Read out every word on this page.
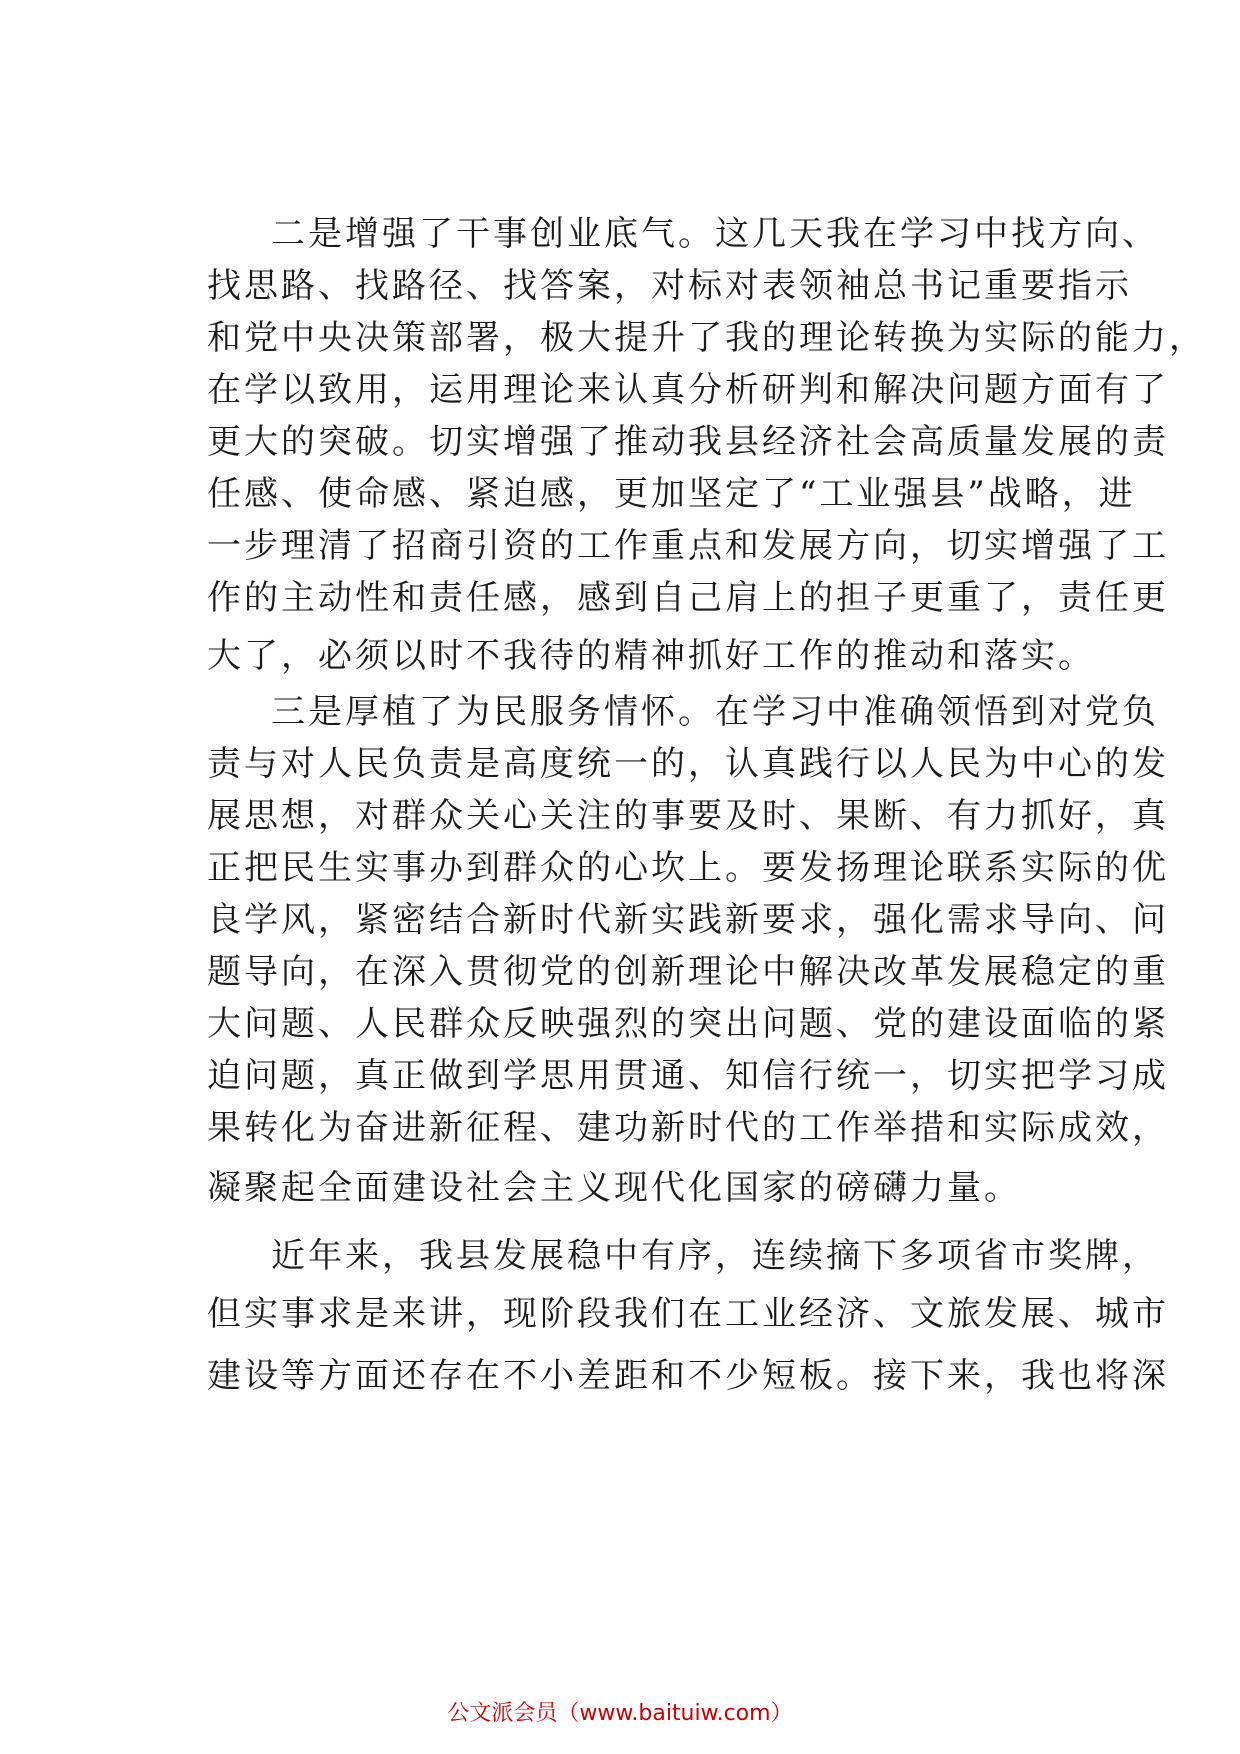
二是增强了干事创业底气。这几天我在学习中找方向、
找思路、找路径、找答案，对标对表领袖总书记重要指示
和党中央决策部署，极大提升了我的理论转换为实际的能力，
在学以致用，运用理论来认真分析研判和解决问题方面有了
更大的突破。切实增强了推动我县经济社会高质量发展的责
任感、使命感、紧迫感，更加坚定了“工业强县”战略，进
一步理清了招商引资的工作重点和发展方向，切实增强了工
作的主动性和责任感，感到自己肩上的担子更重了，责任更
大了，必须以时不我待的精神抓好工作的推动和落实。
三是厚植了为民服务情怀。在学习中准确领悟到对党负
责与对人民负责是高度统一的，认真践行以人民为中心的发
展思想，对群众关心关注的事要及时、果断、有力抓好，真
正把民生实事办到群众的心坎上。要发扬理论联系实际的优
良学风，紧密结合新时代新实践新要求，强化需求导向、问
题导向，在深入贯彻党的创新理论中解决改革发展稳定的重
大问题、人民群众反映强烈的突出问题、党的建设面临的紧
迫问题，真正做到学思用贯通、知信行统一，切实把学习成
果转化为奋进新征程、建功新时代的工作举措和实际成效，
凝聚起全面建设社会主义现代化国家的磅礴力量。
近年来，我县发展稳中有序，连续摘下多项省市奖牌，
但实事求是来讲，现阶段我们在工业经济、文旅发展、城市
建设等方面还存在不小差距和不少短板。接下来，我也将深
公文派会员（www.baituiw.com）
